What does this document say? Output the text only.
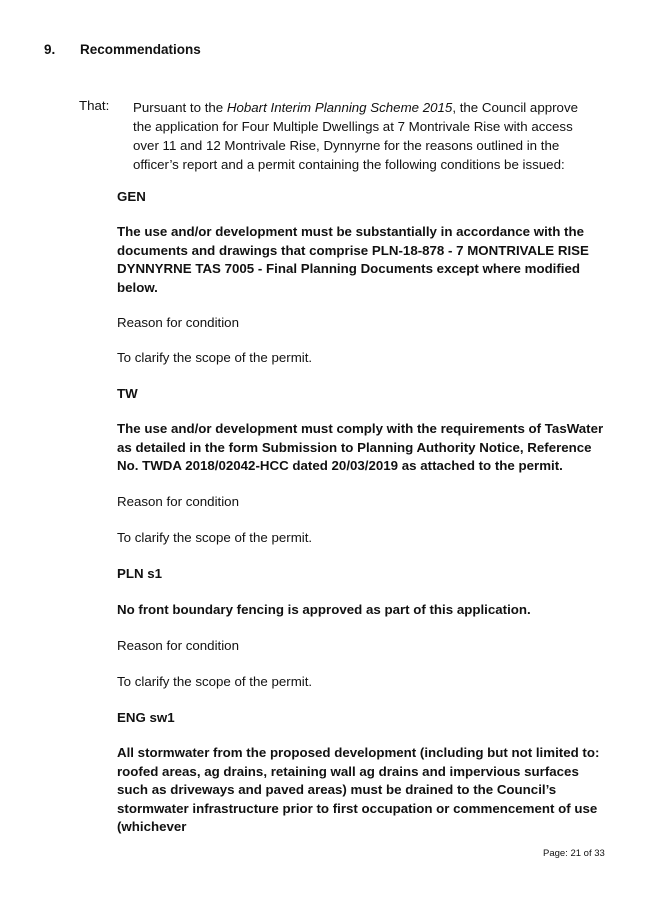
9. Recommendations
That: Pursuant to the Hobart Interim Planning Scheme 2015, the Council approve the application for Four Multiple Dwellings at 7 Montrivale Rise with access over 11 and 12 Montrivale Rise, Dynnyrne for the reasons outlined in the officer’s report and a permit containing the following conditions be issued:
GEN
The use and/or development must be substantially in accordance with the documents and drawings that comprise PLN-18-878 - 7 MONTRIVALE RISE DYNNYRNE TAS 7005 - Final Planning Documents except where modified below.
Reason for condition
To clarify the scope of the permit.
TW
The use and/or development must comply with the requirements of TasWater as detailed in the form Submission to Planning Authority Notice, Reference No. TWDA 2018/02042-HCC dated 20/03/2019 as attached to the permit.
Reason for condition
To clarify the scope of the permit.
PLN s1
No front boundary fencing is approved as part of this application.
Reason for condition
To clarify the scope of the permit.
ENG sw1
All stormwater from the proposed development (including but not limited to: roofed areas, ag drains, retaining wall ag drains and impervious surfaces such as driveways and paved areas) must be drained to the Council’s stormwater infrastructure prior to first occupation or commencement of use (whichever
Page: 21 of 33
